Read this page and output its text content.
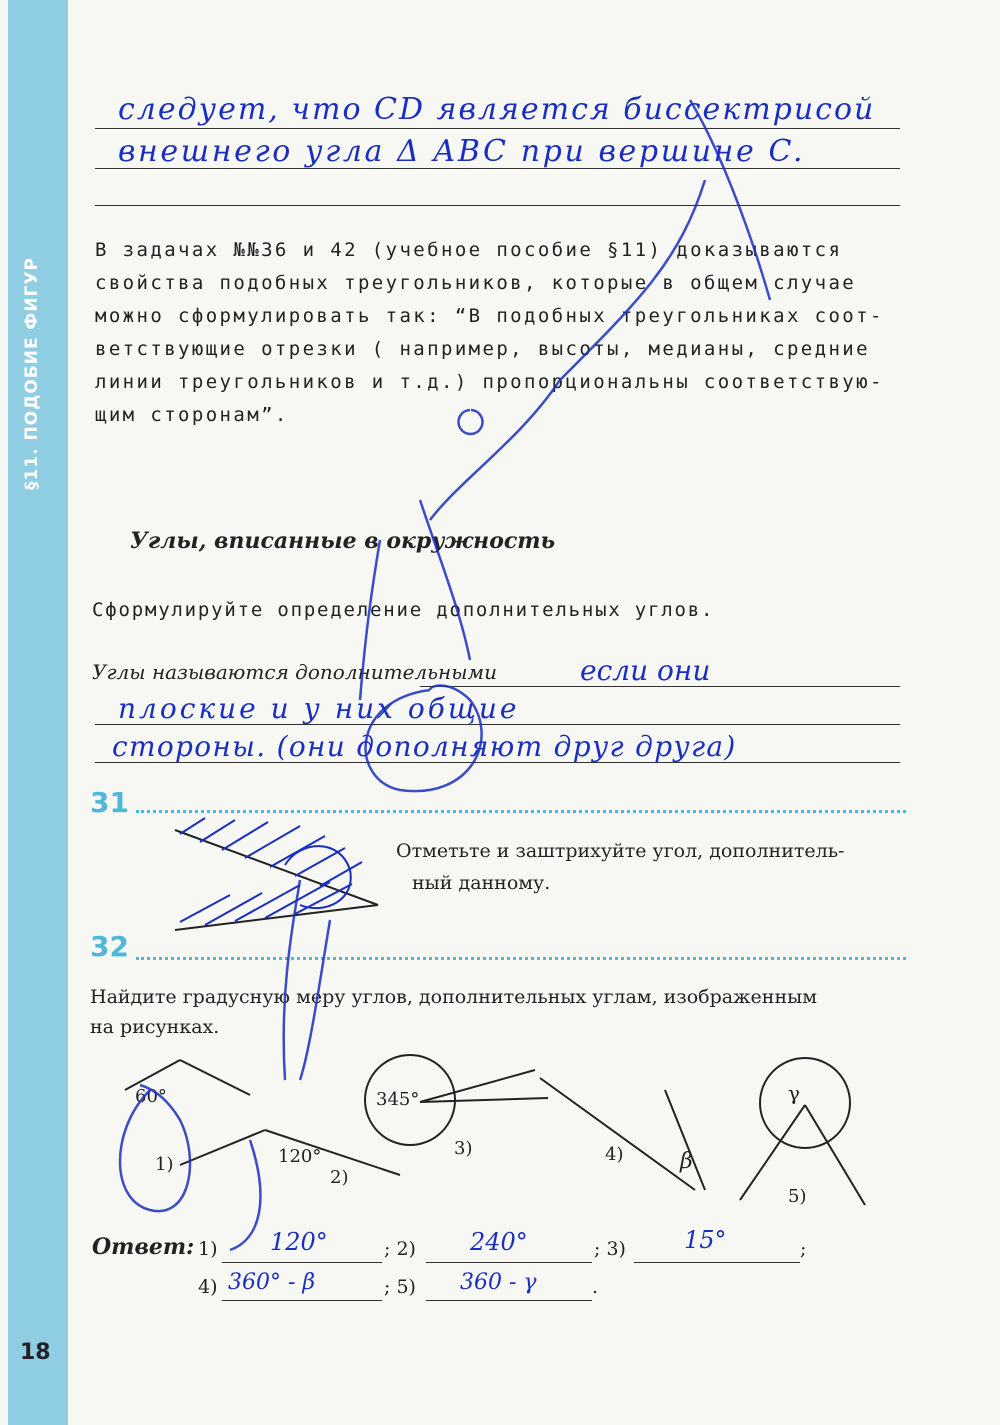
§11. ПОДОБИЕ ФИГУР
следует, что CD является биссектрисой
внешнего угла Δ ABC при вершине C.
В задачах №№36 и 42 (учебное пособие §11) доказываются
свойства подобных треугольников, которые в общем случае
можно сформулировать так: “В подобных треугольниках соот-
ветствующие отрезки ( например, высоты, медианы, средние
линии треугольников и т.д.) пропорциональны соответствую-
щим сторонам”.
Углы, вписанные в окружность
Сформулируйте определение дополнительных углов.
Углы называются дополнительными	если они
плоские и у них общие
стороны. (они дополняют друг друга)
31
Отметьте и заштрихуйте угол, дополнитель-
ный данному.
32
Найдите градусную меру углов, дополнительных углам, изображенным
на рисунках.
60°
1)	120°
2)
345°
3)
β
4)
γ
5)
Ответ: 1) 120°	; 2) 240°	; 3) 15°	;
4) 360° - β	; 5) 360 - γ	.
18
